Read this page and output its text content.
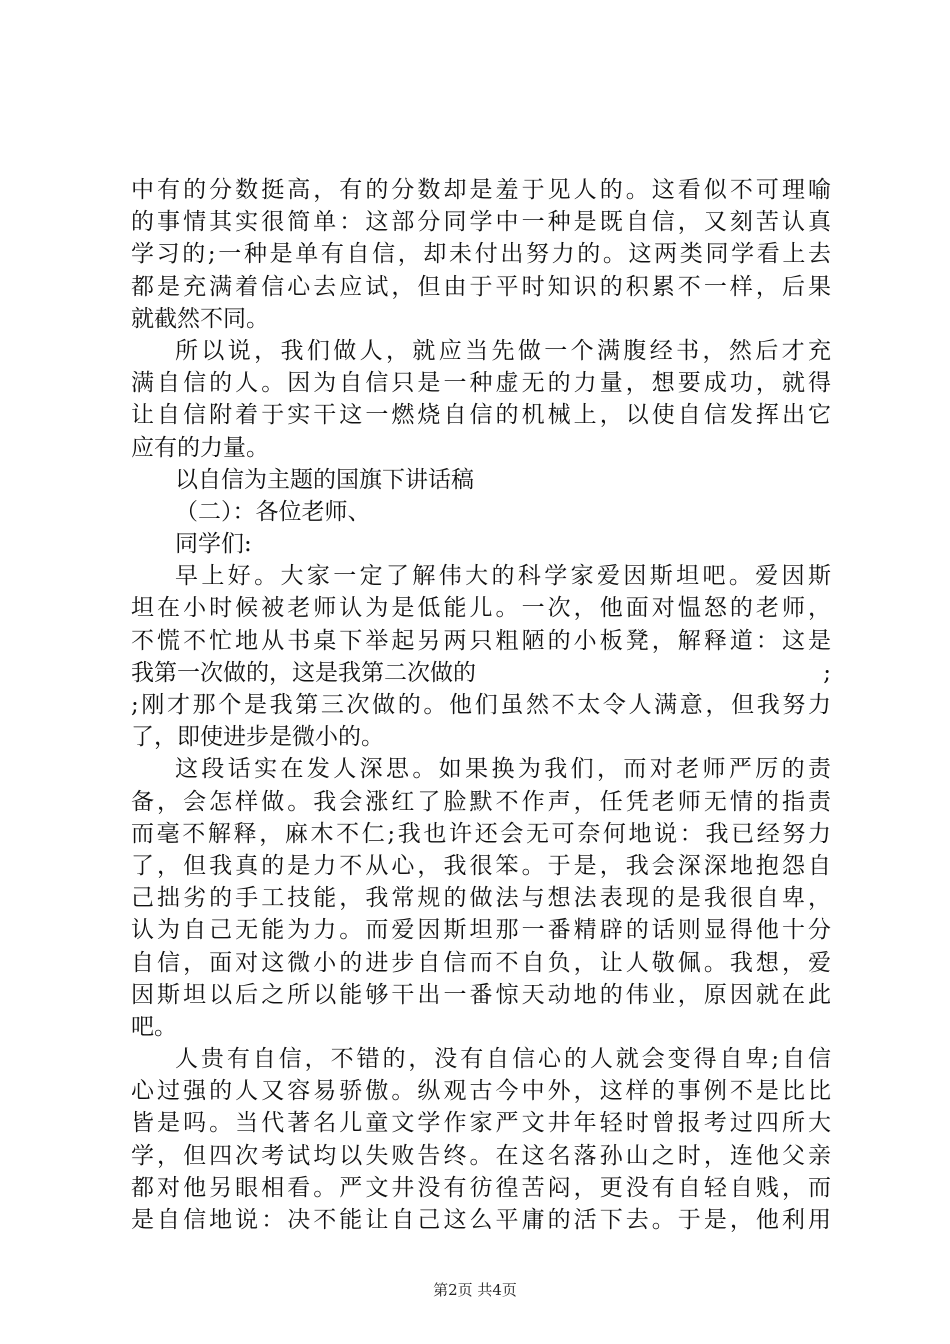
中有的分数挺高，有的分数却是羞于见人的。这看似不可理喻
的事情其实很简单：这部分同学中一种是既自信，又刻苦认真
学习的;一种是单有自信，却未付出努力的。这两类同学看上去
都是充满着信心去应试，但由于平时知识的积累不一样，后果
就截然不同。
所以说，我们做人，就应当先做一个满腹经书，然后才充
满自信的人。因为自信只是一种虚无的力量，想要成功，就得
让自信附着于实干这一燃烧自信的机械上，以使自信发挥出它
应有的力量。
以自信为主题的国旗下讲话稿
（二）：各位老师、
同学们:
早上好。大家一定了解伟大的科学家爱因斯坦吧。爱因斯
坦在小时候被老师认为是低能儿。一次，他面对愠怒的老师，
不慌不忙地从书桌下举起另两只粗陋的小板凳，解释道：这是
我第一次做的，这是我第二次做的	;
;刚才那个是我第三次做的。他们虽然不太令人满意，但我努力
了，即使进步是微小的。
这段话实在发人深思。如果换为我们，而对老师严厉的责
备，会怎样做。我会涨红了脸默不作声，任凭老师无情的指责
而毫不解释，麻木不仁;我也许还会无可奈何地说：我已经努力
了，但我真的是力不从心，我很笨。于是，我会深深地抱怨自
己拙劣的手工技能，我常规的做法与想法表现的是我很自卑，
认为自己无能为力。而爱因斯坦那一番精辟的话则显得他十分
自信，面对这微小的进步自信而不自负，让人敬佩。我想，爱
因斯坦以后之所以能够干出一番惊天动地的伟业，原因就在此
吧。
人贵有自信，不错的，没有自信心的人就会变得自卑;自信
心过强的人又容易骄傲。纵观古今中外，这样的事例不是比比
皆是吗。当代著名儿童文学作家严文井年轻时曾报考过四所大
学，但四次考试均以失败告终。在这名落孙山之时，连他父亲
都对他另眼相看。严文井没有彷徨苦闷，更没有自轻自贱，而
是自信地说：决不能让自己这么平庸的活下去。于是，他利用
第2页 共4页
